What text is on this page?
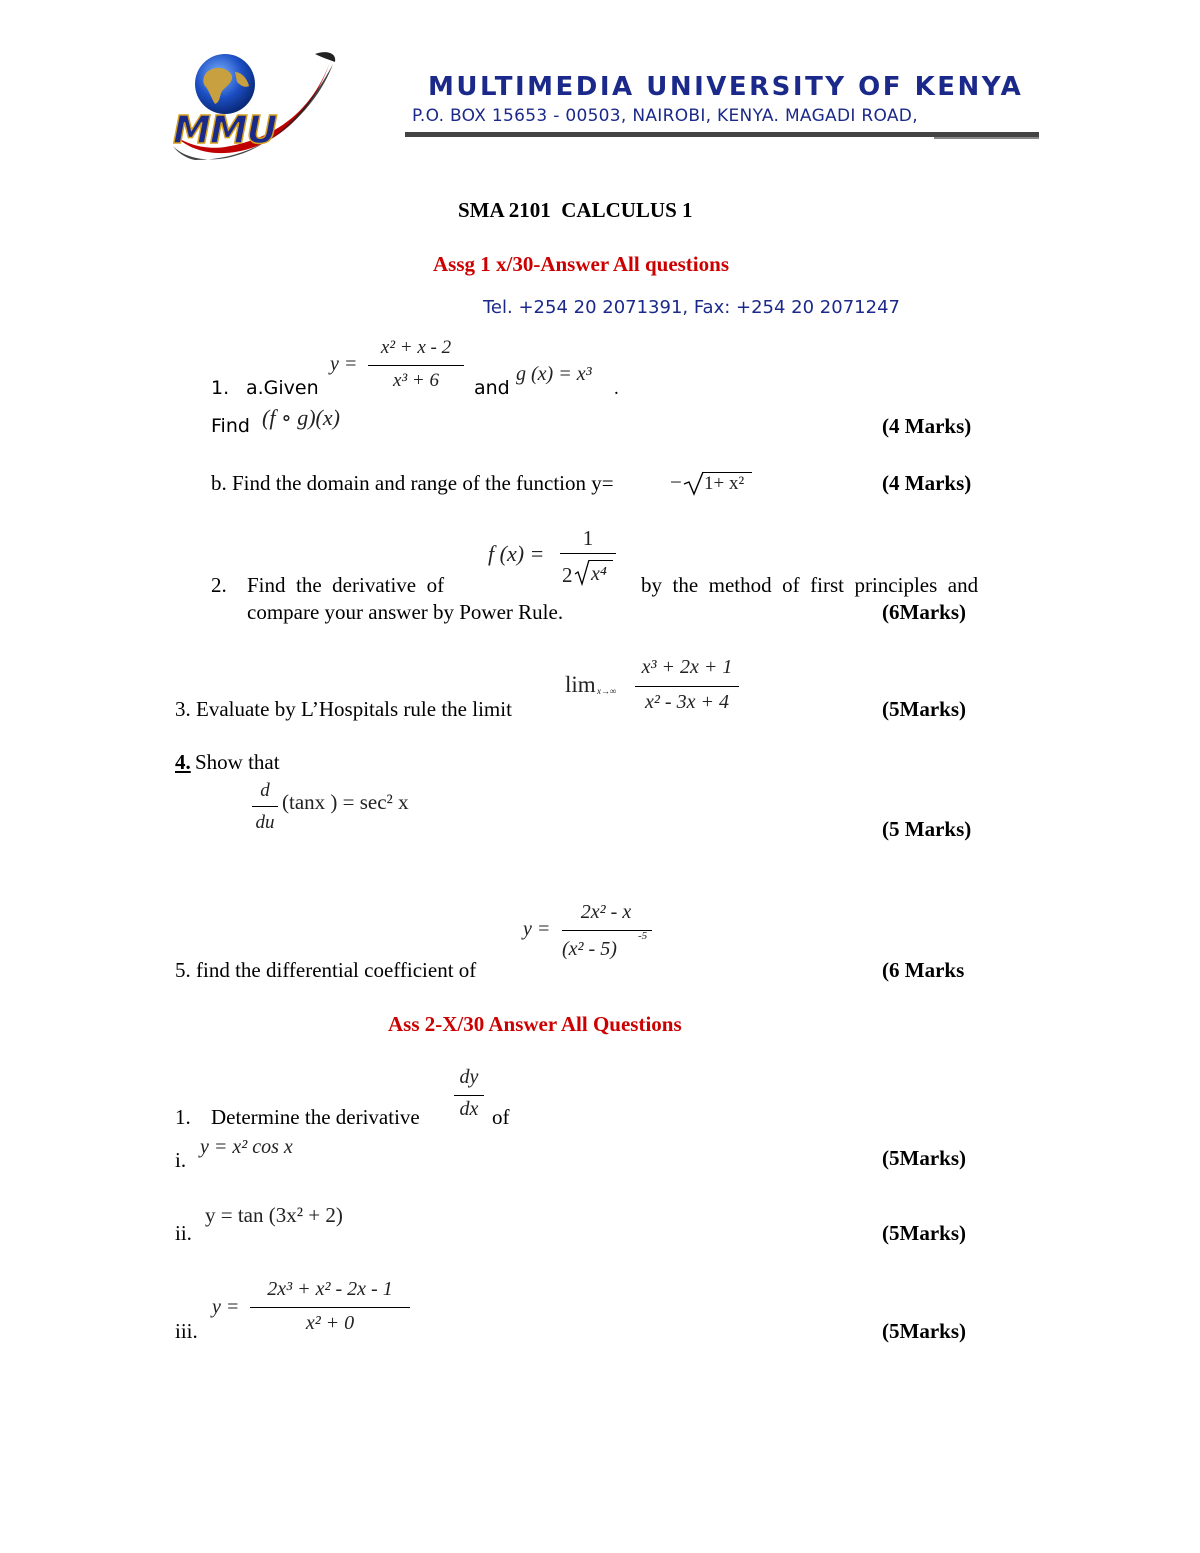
MMU
MULTIMEDIA UNIVERSITY OF KENYA
P.O. BOX 15653 - 00503, NAIROBI, KENYA. MAGADI ROAD,
SMA 2101  CALCULUS 1
Assg 1 x/30-Answer All questions
Tel. +254 20 2071391, Fax: +254 20 2071247
1. a.Given
y =
x² + x - 2
x³ + 6	and
g (x) = x³
.
Find (f ∘ g)(x)	(4 Marks)
b. Find the domain and range of the function y=	− 1+ x²	(4 Marks)
2. Find  the  derivative  of
f (x) =
1
2 x⁴ by  the  method  of  first  principles  and
compare your answer by Power Rule.	(6Marks)
3. Evaluate by L’Hospitals rule the limit
lim x→∞
x³ + 2x + 1
x² - 3x + 4	(5Marks)
4. Show that
d
du
(tanx ) = sec² x
(5 Marks)
5. find the differential coefficient of
y =
2x² - x
(x² - 5)
-5
(6 Marks
Ass 2-X/30 Answer All Questions
1. Determine the derivative
dy
dx of
i.
y = x² cos x	(5Marks)
ii.
y = tan (3x² + 2)
(5Marks)
iii.
y =
2x³ + x² - 2x - 1
x² + 0	(5Marks)
